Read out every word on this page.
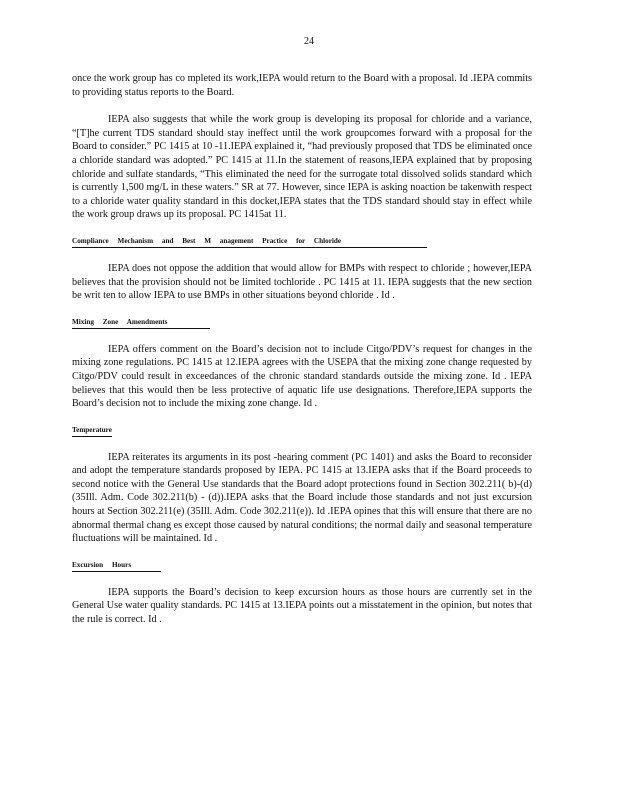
24

once the work group has co mpleted its work,IEPA would return to the Board with a proposal. Id .IEPA commits to providing status reports to the Board.

IEPA also suggests that while the work group is developing its proposal for chloride and a variance, “[T]he current TDS standard should stay ineffect until the work groupcomes forward with a proposal for the Board to consider.” PC 1415 at 10 -11.IEPA explained it, “had previously proposed that TDS be eliminated once a chloride standard was adopted.” PC 1415 at 11.In the statement of reasons,IEPA explained that by proposing chloride and sulfate standards, “This eliminated the need for the surrogate total dissolved solids standard which is currently 1,500 mg/L in these waters.” SR at 77. However, since IEPA is asking noaction be takenwith respect to a chloride water quality standard in this docket,IEPA states that the TDS standard should stay in effect while the work group draws up its proposal. PC 1415at 11.

Compliance Mechanism and Best M anagement Practice for Chloride

IEPA does not oppose the addition that would allow for BMPs with respect to chloride ; however,IEPA believes that the provision should not be limited tochloride . PC 1415 at 11. IEPA suggests that the new section be writ ten to allow IEPA to use BMPs in other situations beyond chloride . Id .

Mixing Zone Amendments

IEPA offers comment on the Board’s decision not to include Citgo/PDV’s request for changes in the mixing zone regulations. PC 1415 at 12.IEPA agrees with the USEPA that the mixing zone change requested by Citgo/PDV could result in exceedances of the chronic standard standards outside the mixing zone. Id . IEPA believes that this would then be less protective of aquatic life use designations. Therefore,IEPA supports the Board’s decision not to include the mixing zone change. Id .

Temperature

IEPA reiterates its arguments in its post -hearing comment (PC 1401) and asks the Board to reconsider and adopt the temperature standards proposed by IEPA. PC 1415 at 13.IEPA asks that if the Board proceeds to second notice with the General Use standards that the Board adopt protections found in Section 302.211( b)-(d) (35Ill. Adm. Code 302.211(b) - (d)).IEPA asks that the Board include those standards and not just excursion hours at Section 302.211(e) (35Ill. Adm. Code 302.211(e)). Id .IEPA opines that this will ensure that there are no abnormal thermal chang es except those caused by natural conditions; the normal daily and seasonal temperature fluctuations will be maintained. Id .

Excursion Hours

IEPA supports the Board’s decision to keep excursion hours as those hours are currently set in the General Use water quality standards. PC 1415 at 13.IEPA points out a misstatement in the opinion, but notes that the rule is correct. Id .
